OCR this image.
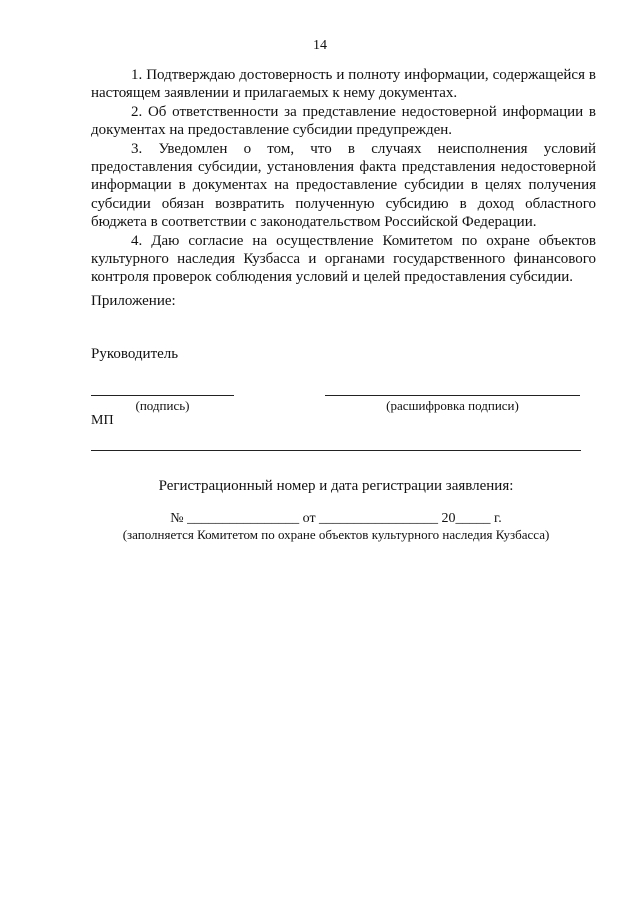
14

1. Подтверждаю достоверность и полноту информации, содержащейся в настоящем заявлении и прилагаемых к нему документах.

2. Об ответственности за представление недостоверной информации в документах на предоставление субсидии предупрежден.

3. Уведомлен о том, что в случаях неисполнения условий предоставления субсидии, установления факта представления недостоверной информации в документах на предоставление субсидии в целях получения субсидии обязан возвратить полученную субсидию в доход областного бюджета в соответствии с законодательством Российской Федерации.

4. Даю согласие на осуществление Комитетом по охране объектов культурного наследия Кузбасса и органами государственного финансового контроля проверок соблюдения условий и целей предоставления субсидии.

Приложение:
Руководитель
(подпись)	(расшифровка подписи)
МП
Регистрационный номер и дата регистрации заявления:
№ ________________ от _________________ 20_____ г.
(заполняется Комитетом по охране объектов культурного наследия Кузбасса)
